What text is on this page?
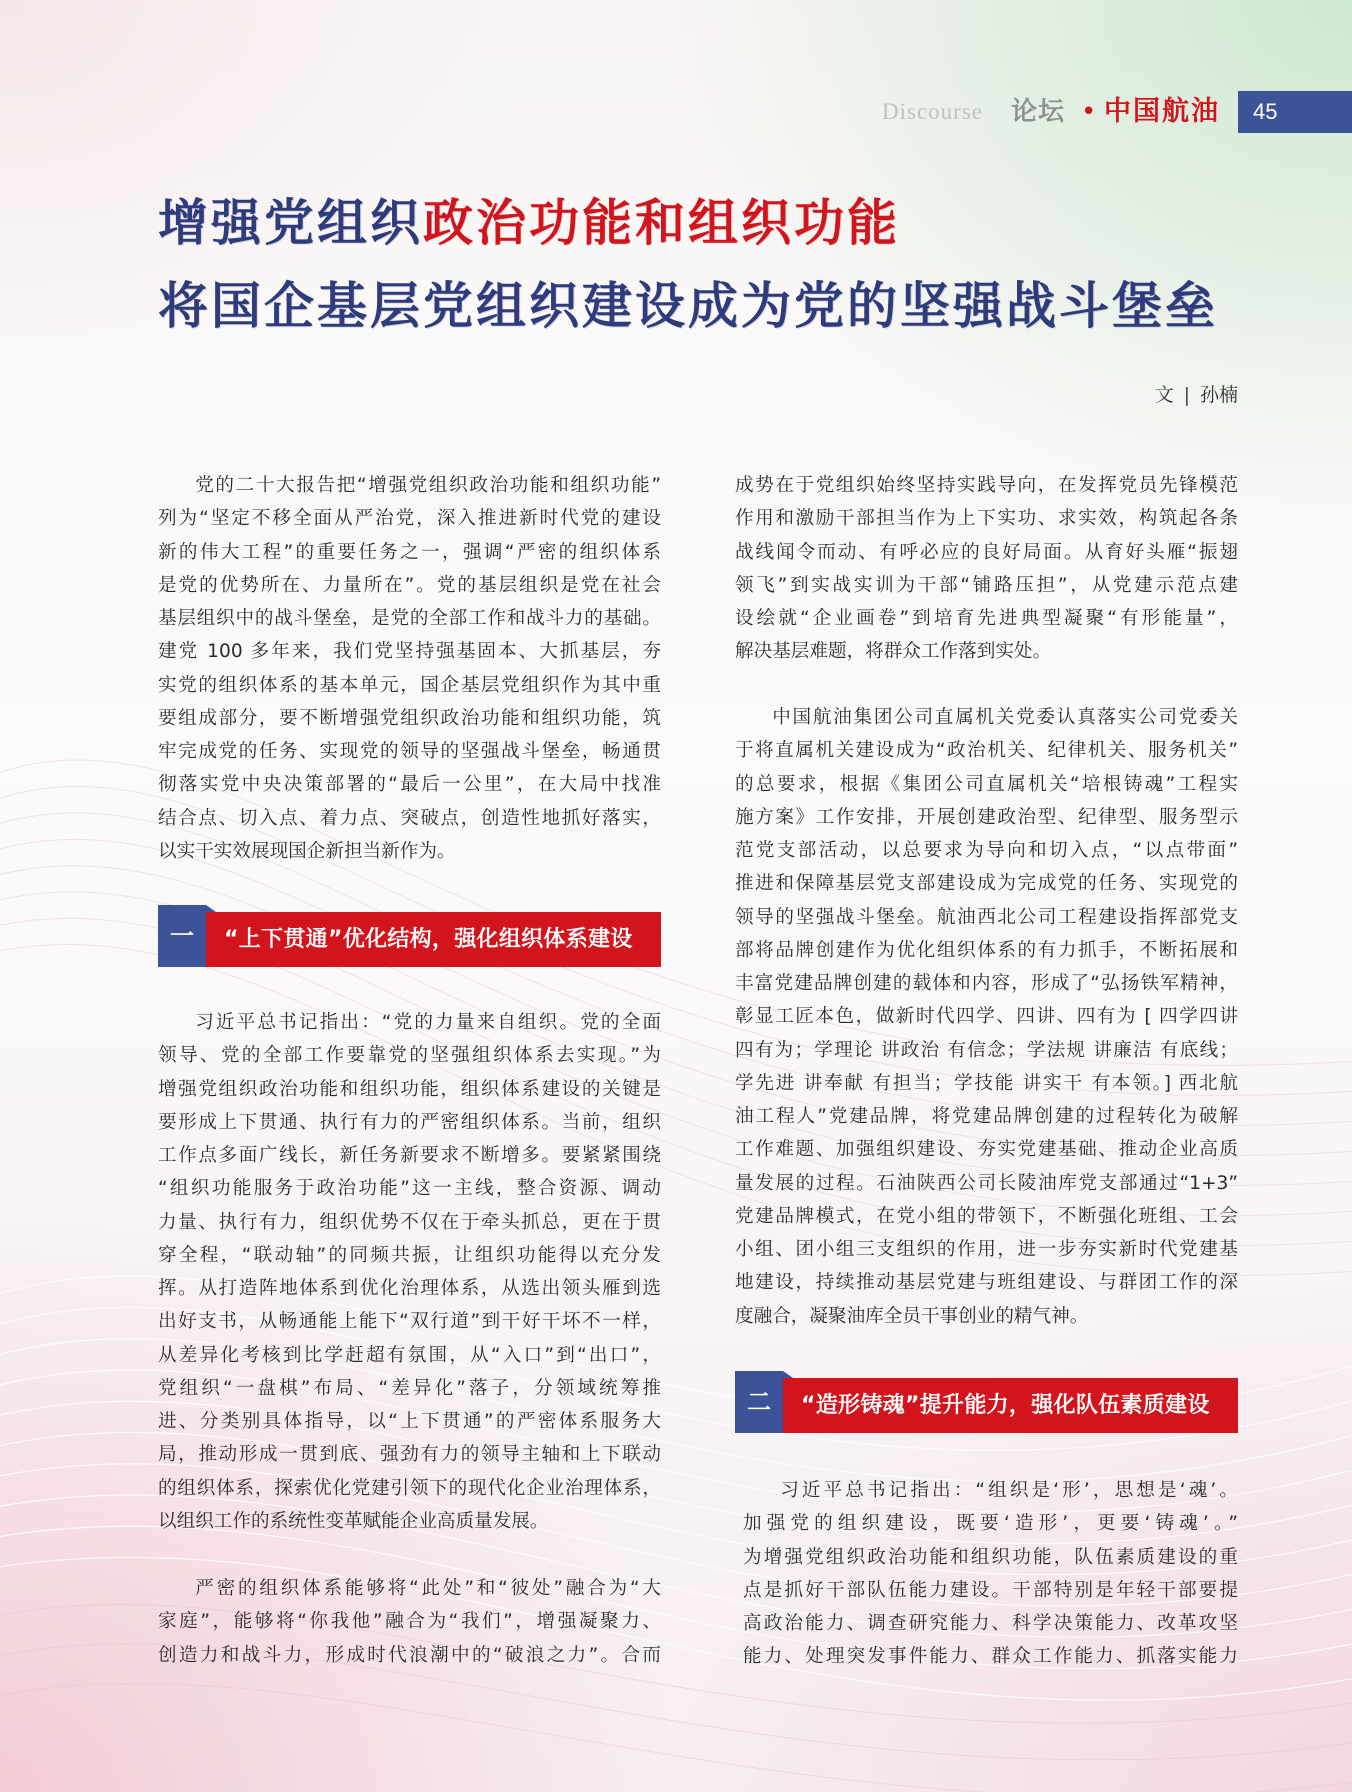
Discourse 论坛 • 中国航油	45
增强党组织政治功能和组织功能
将国企基层党组织建设成为党的坚强战斗堡垒
文 | 孙楠
党的二十大报告把“增强党组织政治功能和组织功能”
列为“坚定不移全面从严治党，深入推进新时代党的建设
新的伟大工程”的重要任务之一，强调“严密的组织体系
是党的优势所在、力量所在”。党的基层组织是党在社会
基层组织中的战斗堡垒，是党的全部工作和战斗力的基础。
建党 100 多年来，我们党坚持强基固本、大抓基层，夯
实党的组织体系的基本单元，国企基层党组织作为其中重
要组成部分，要不断增强党组织政治功能和组织功能，筑
牢完成党的任务、实现党的领导的坚强战斗堡垒，畅通贯
彻落实党中央决策部署的“最后一公里”，在大局中找准
结合点、切入点、着力点、突破点，创造性地抓好落实，
以实干实效展现国企新担当新作为。
一	“上下贯通”优化结构，强化组织体系建设
习近平总书记指出：“党的力量来自组织。党的全面
领导、党的全部工作要靠党的坚强组织体系去实现。”为
增强党组织政治功能和组织功能，组织体系建设的关键是
要形成上下贯通、执行有力的严密组织体系。当前，组织
工作点多面广线长，新任务新要求不断增多。要紧紧围绕
“组织功能服务于政治功能”这一主线，整合资源、调动
力量、执行有力，组织优势不仅在于牵头抓总，更在于贯
穿全程，“联动轴”的同频共振，让组织功能得以充分发
挥。从打造阵地体系到优化治理体系，从选出领头雁到选
出好支书，从畅通能上能下“双行道”到干好干坏不一样，
从差异化考核到比学赶超有氛围，从“入口”到“出口”，
党组织“一盘棋”布局、“差异化”落子，分领域统筹推
进、分类别具体指导，以“上下贯通”的严密体系服务大
局，推动形成一贯到底、强劲有力的领导主轴和上下联动
的组织体系，探索优化党建引领下的现代化企业治理体系，
以组织工作的系统性变革赋能企业高质量发展。
严密的组织体系能够将“此处”和“彼处”融合为“大
家庭”，能够将“你我他”融合为“我们”，增强凝聚力、
创造力和战斗力，形成时代浪潮中的“破浪之力”。合而
成势在于党组织始终坚持实践导向，在发挥党员先锋模范
作用和激励干部担当作为上下实功、求实效，构筑起各条
战线闻令而动、有呼必应的良好局面。从育好头雁“振翅
领飞”到实战实训为干部“铺路压担”，从党建示范点建
设绘就“企业画卷”到培育先进典型凝聚“有形能量”，
解决基层难题，将群众工作落到实处。
中国航油集团公司直属机关党委认真落实公司党委关
于将直属机关建设成为“政治机关、纪律机关、服务机关”
的总要求，根据《集团公司直属机关“培根铸魂”工程实
施方案》工作安排，开展创建政治型、纪律型、服务型示
范党支部活动，以总要求为导向和切入点，“以点带面”
推进和保障基层党支部建设成为完成党的任务、实现党的
领导的坚强战斗堡垒。航油西北公司工程建设指挥部党支
部将品牌创建作为优化组织体系的有力抓手，不断拓展和
丰富党建品牌创建的载体和内容，形成了“弘扬铁军精神，
彰显工匠本色，做新时代四学、四讲、四有为 [ 四学四讲
四有为；学理论 讲政治 有信念；学法规 讲廉洁 有底线；
学先进 讲奉献 有担当；学技能 讲实干 有本领。] 西北航
油工程人”党建品牌，将党建品牌创建的过程转化为破解
工作难题、加强组织建设、夯实党建基础、推动企业高质
量发展的过程。石油陕西公司长陵油库党支部通过“1+3”
党建品牌模式，在党小组的带领下，不断强化班组、工会
小组、团小组三支组织的作用，进一步夯实新时代党建基
地建设，持续推动基层党建与班组建设、与群团工作的深
度融合，凝聚油库全员干事创业的精气神。
二	“造形铸魂”提升能力，强化队伍素质建设
习近平总书记指出：“组织是‘形’，思想是‘魂’。
加强党的组织建设，既要‘造形’，更要‘铸魂’。”
为增强党组织政治功能和组织功能，队伍素质建设的重
点是抓好干部队伍能力建设。干部特别是年轻干部要提
高政治能力、调查研究能力、科学决策能力、改革攻坚
能力、处理突发事件能力、群众工作能力、抓落实能力
